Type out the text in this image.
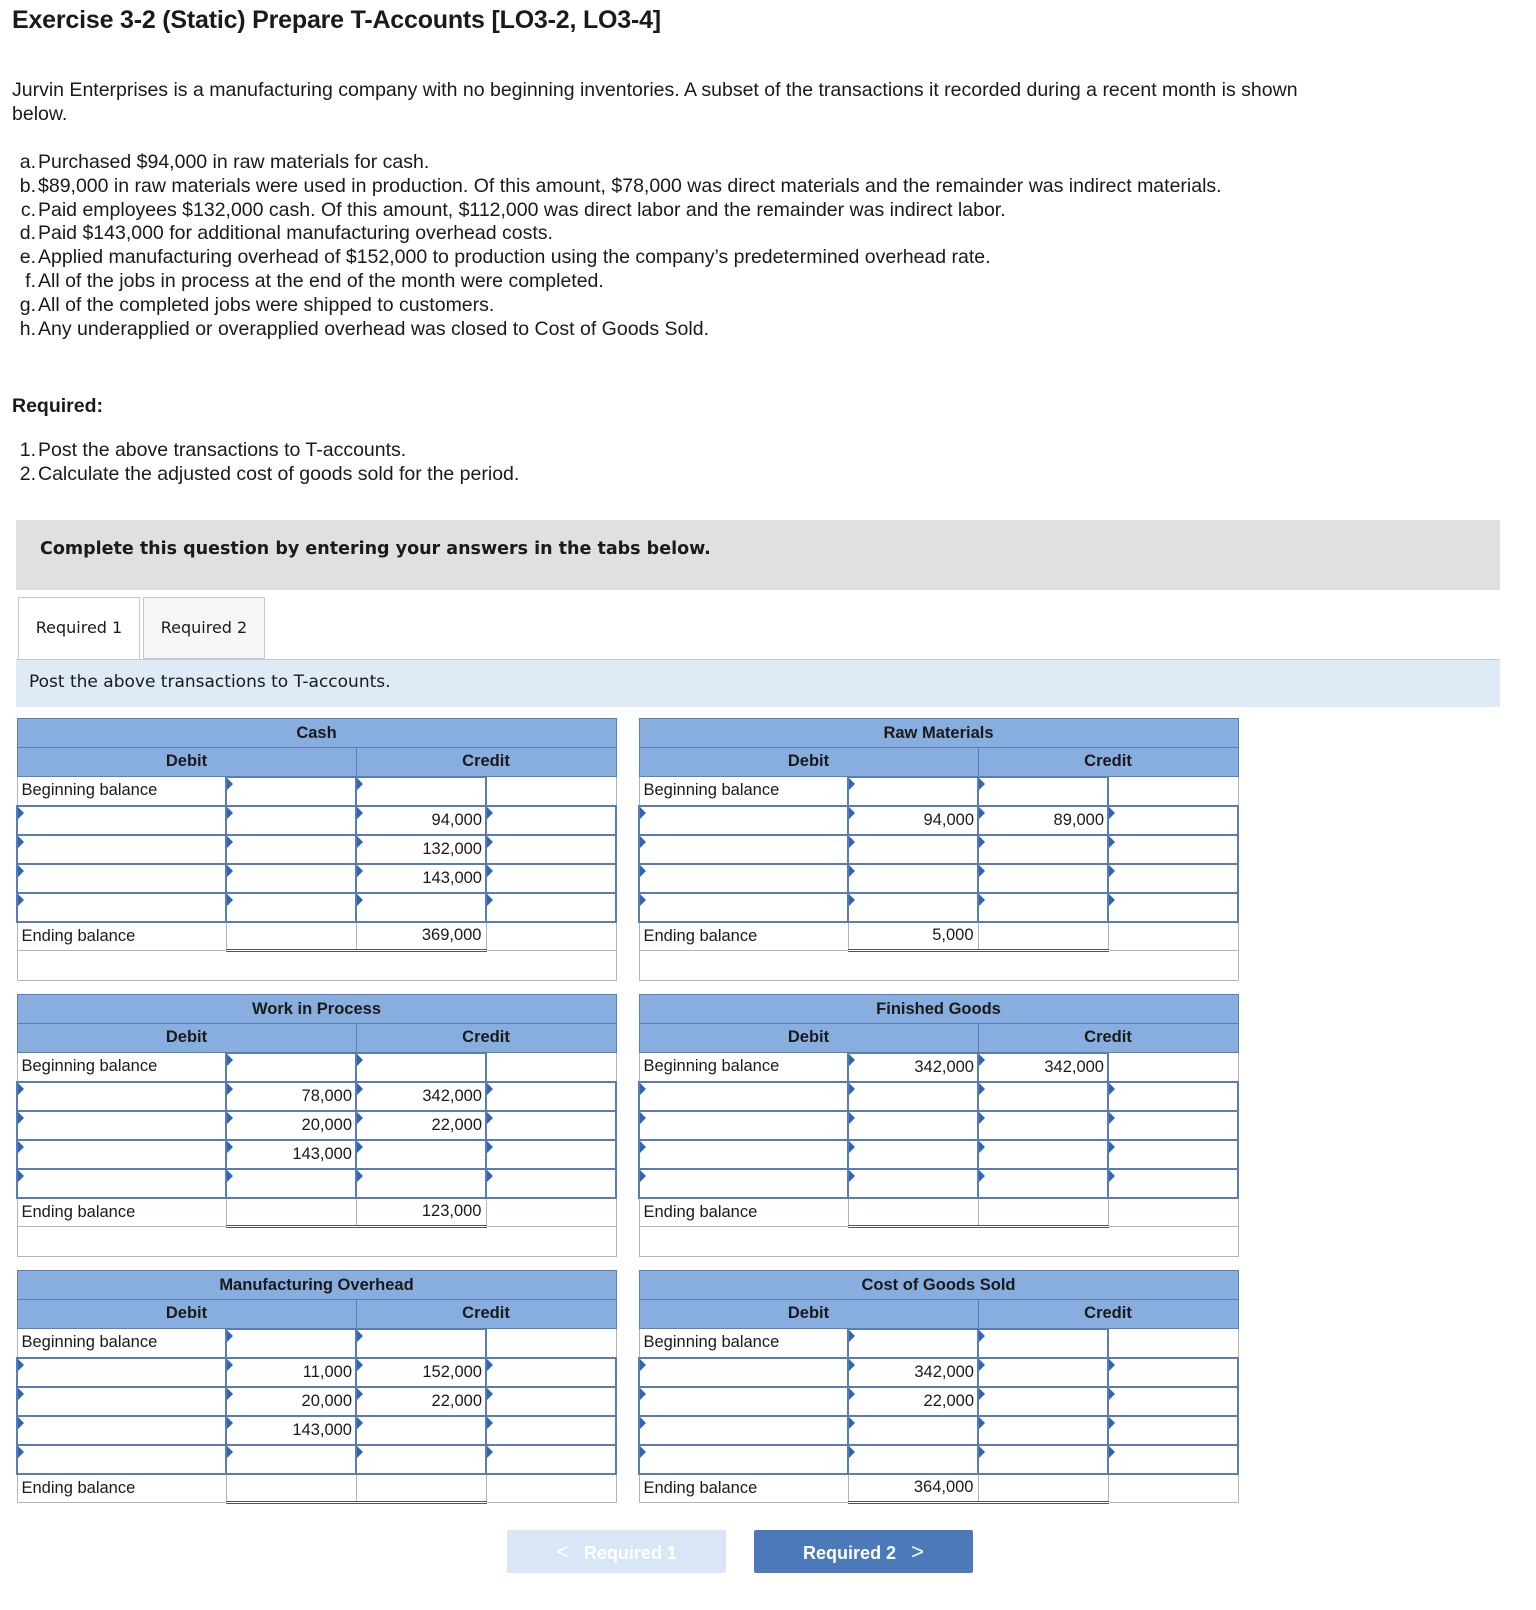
Exercise 3-2 (Static) Prepare T-Accounts [LO3-2, LO3-4]

Jurvin Enterprises is a manufacturing company with no beginning inventories. A subset of the transactions it recorded during a recent month is shown below.

a. Purchased $94,000 in raw materials for cash.
b. $89,000 in raw materials were used in production. Of this amount, $78,000 was direct materials and the remainder was indirect materials.
c. Paid employees $132,000 cash. Of this amount, $112,000 was direct labor and the remainder was indirect labor.
d. Paid $143,000 for additional manufacturing overhead costs.
e. Applied manufacturing overhead of $152,000 to production using the company’s predetermined overhead rate.
f. All of the jobs in process at the end of the month were completed.
g. All of the completed jobs were shipped to customers.
h. Any underapplied or overapplied overhead was closed to Cost of Goods Sold.
Required:
1. Post the above transactions to T-accounts.
2. Calculate the adjusted cost of goods sold for the period.
Complete this question by entering your answers in the tabs below.
Required 1	Required 2
Post the above transactions to T-accounts.
Cash			
Debit		Credit	
Beginning balance			
		94,000	
		132,000	
		143,000	

Ending balance		369,000	

Raw Materials			
Debit		Credit	
Beginning balance			
	94,000	89,000	

Ending balance	5,000		

Work in Process			
Debit		Credit	
Beginning balance			
	78,000	342,000	
	20,000	22,000	
	143,000		

Ending balance		123,000	

Finished Goods			
Debit		Credit	
Beginning balance	342,000	342,000	

Ending balance			

Manufacturing Overhead			
Debit		Credit	
Beginning balance			
	11,000	152,000	
	20,000	22,000	
	143,000		

Ending balance			
Cost of Goods Sold			
Debit		Credit	
Beginning balance			
	342,000		
	22,000		

Ending balance	364,000		
< Required 1	Required 2 >
